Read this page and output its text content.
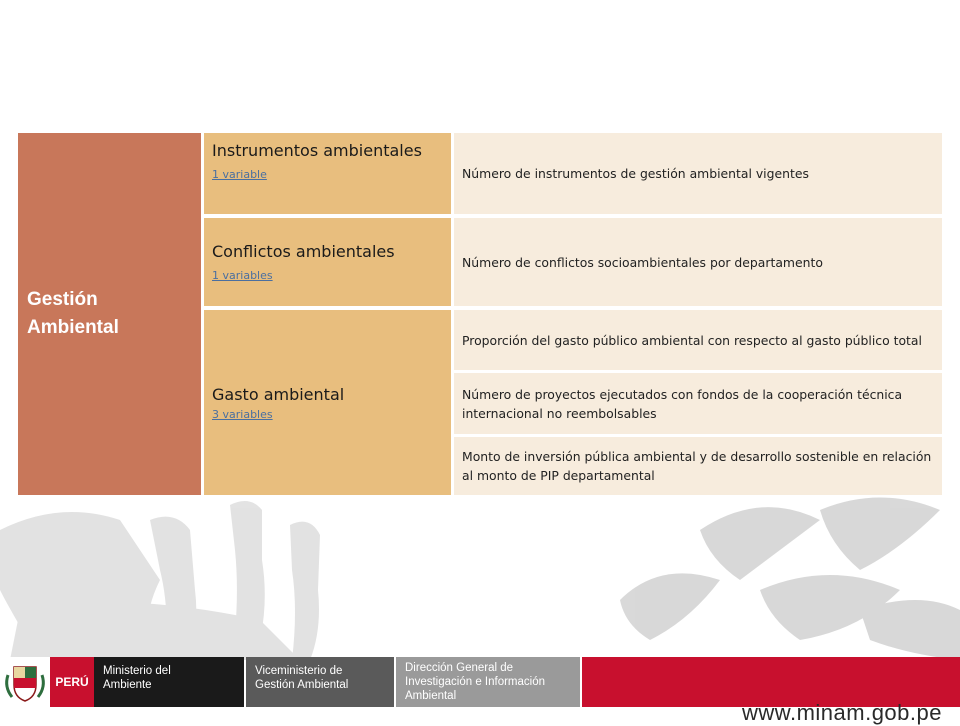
Gestión Ambiental
Instrumentos ambientales
1 variable	Número de instrumentos de gestión ambiental vigentes
Conflictos ambientales
1 variables
Número de conflictos socioambientales por departamento
Gasto ambiental
3 variables
Proporción del gasto público ambiental con respecto al gasto público total
Número de proyectos ejecutados con fondos de la cooperación técnica internacional no reembolsables
Monto de inversión pública ambiental y de desarrollo sostenible en relación al monto de PIP departamental
PERÚ
Ministerio del Ambiente
Viceministerio de Gestión Ambiental
Dirección General de Investigación e Información Ambiental
www.minam.gob.pe
